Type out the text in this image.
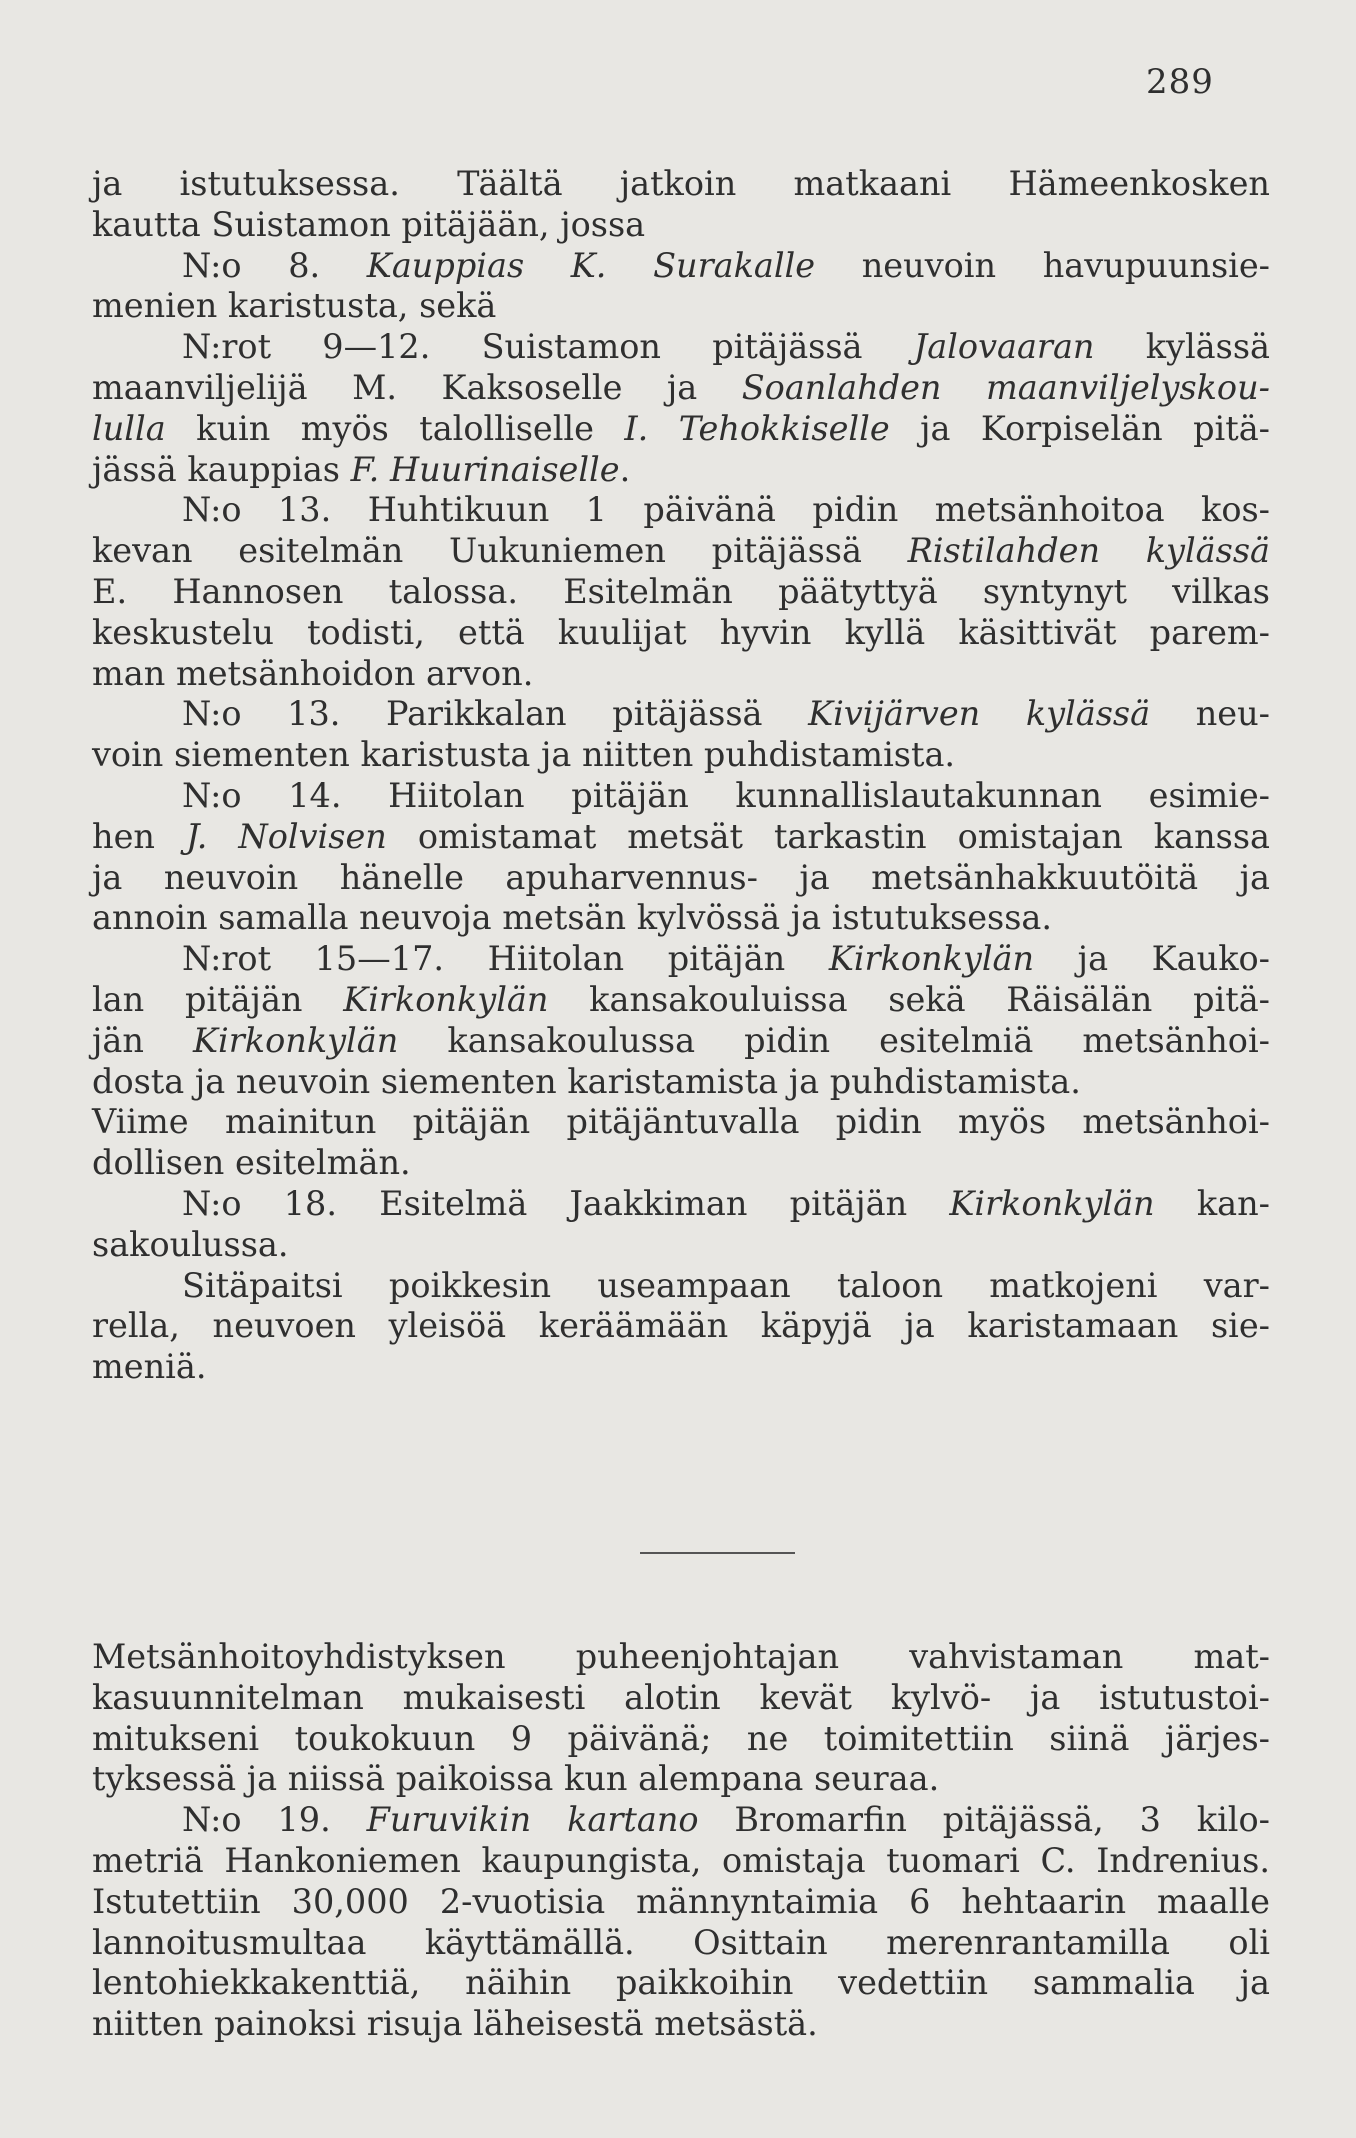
289

ja istutuksessa. Täältä jatkoin matkaani Hämeenkosken
kautta Suistamon pitäjään, jossa
N:o 8. Kauppias K. Surakalle neuvoin havupuunsie-
menien karistusta, sekä
N:rot 9—12. Suistamon pitäjässä Jalovaaran kylässä
maanviljelijä M. Kaksoselle ja Soanlahden maanviljelyskou-
lulla kuin myös talolliselle I. Tehokkiselle ja Korpiselän pitä-
jässä kauppias F. Huurinaiselle.
N:o 13. Huhtikuun 1 päivänä pidin metsänhoitoa kos-
kevan esitelmän Uukuniemen pitäjässä Ristilahden kylässä
E. Hannosen talossa. Esitelmän päätyttyä syntynyt vilkas
keskustelu todisti, että kuulijat hyvin kyllä käsittivät parem-
man metsänhoidon arvon.
N:o 13. Parikkalan pitäjässä Kivijärven kylässä neu-
voin siementen karistusta ja niitten puhdistamista.
N:o 14. Hiitolan pitäjän kunnallislautakunnan esimie-
hen J. Nolvisen omistamat metsät tarkastin omistajan kanssa
ja neuvoin hänelle apuharvennus- ja metsänhakkuutöitä ja
annoin samalla neuvoja metsän kylvössä ja istutuksessa.
N:rot 15—17. Hiitolan pitäjän Kirkonkylän ja Kauko-
lan pitäjän Kirkonkylän kansakouluissa sekä Räisälän pitä-
jän Kirkonkylän kansakoulussa pidin esitelmiä metsänhoi-
dosta ja neuvoin siementen karistamista ja puhdistamista.
Viime mainitun pitäjän pitäjäntuvalla pidin myös metsänhoi-
dollisen esitelmän.
N:o 18. Esitelmä Jaakkiman pitäjän Kirkonkylän kan-
sakoulussa.
Sitäpaitsi poikkesin useampaan taloon matkojeni var-
rella, neuvoen yleisöä keräämään käpyjä ja karistamaan sie-
meniä.

Metsänhoitoyhdistyksen puheenjohtajan vahvistaman mat-
kasuunnitelman mukaisesti alotin kevät kylvö- ja istutustoi-
mitukseni toukokuun 9 päivänä; ne toimitettiin siinä järjes-
tyksessä ja niissä paikoissa kun alempana seuraa.
N:o 19. Furuvikin kartano Bromarfin pitäjässä, 3 kilo-
metriä Hankoniemen kaupungista, omistaja tuomari C. Indrenius.
Istutettiin 30,000 2-vuotisia männyntaimia 6 hehtaarin maalle
lannoitusmultaa käyttämällä. Osittain merenrantamilla oli
lentohiekkakenttiä, näihin paikkoihin vedettiin sammalia ja
niitten painoksi risuja läheisestä metsästä.
